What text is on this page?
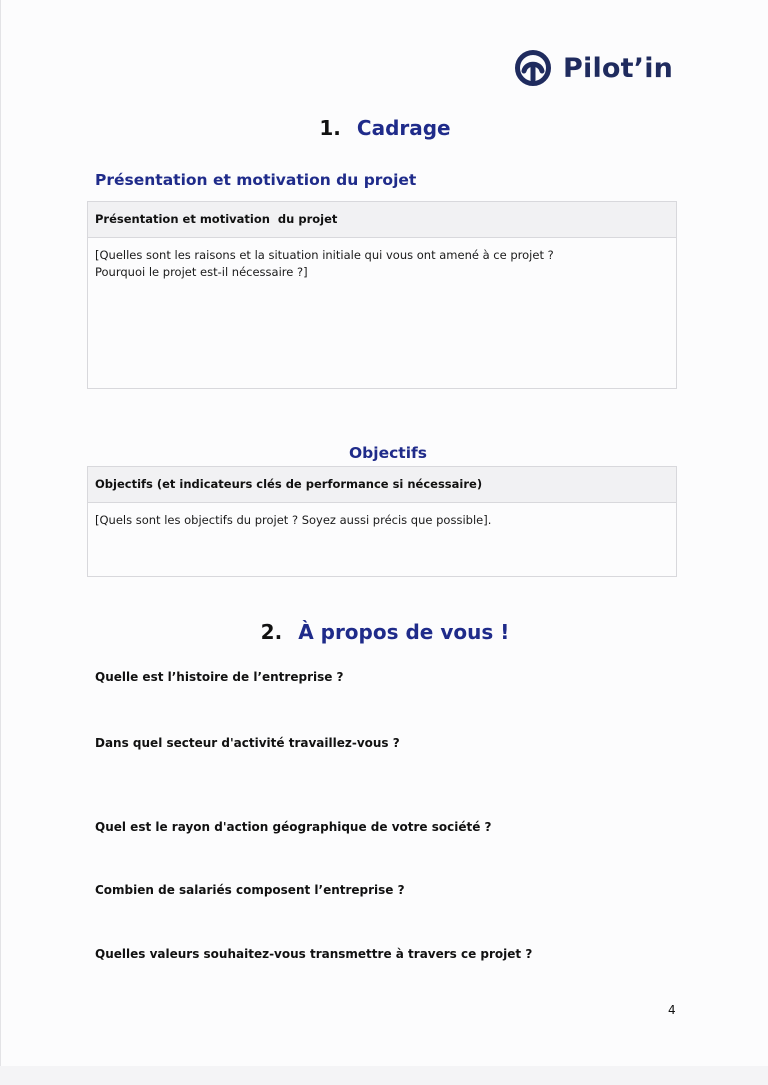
Pilot’in
1. Cadrage
Présentation et motivation du projet
Présentation et motivation  du projet
[Quelles sont les raisons et la situation initiale qui vous ont amené à ce projet ?
Pourquoi le projet est-il nécessaire ?]
Objectifs
Objectifs (et indicateurs clés de performance si nécessaire)
[Quels sont les objectifs du projet ? Soyez aussi précis que possible].
2. À propos de vous !
Quelle est l’histoire de l’entreprise ?
Dans quel secteur d'activité travaillez-vous ?
Quel est le rayon d'action géographique de votre société ?
Combien de salariés composent l’entreprise ?
Quelles valeurs souhaitez-vous transmettre à travers ce projet ?
4
